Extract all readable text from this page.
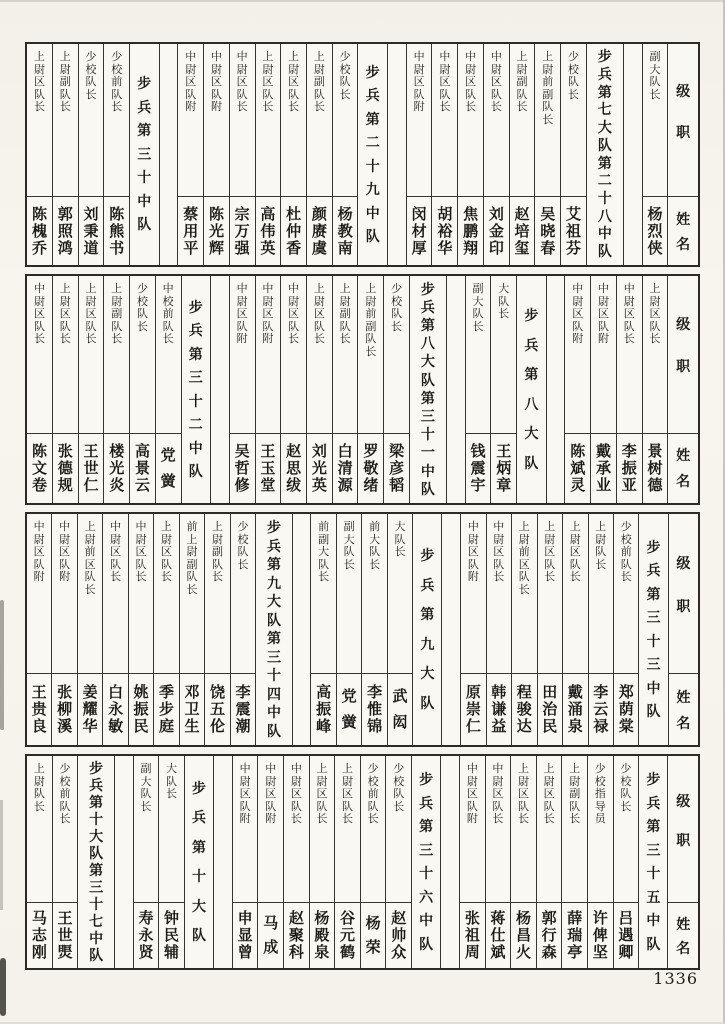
级
职
姓
名
副
大
队
长
杨
烈
侠
步
兵
第
七
大
队
第
二
十
八
中
队
少
校
队
长
艾
祖
芬
上
尉
前
副
队
长
吴
晓
春
上
尉
副
队
长
赵
培
玺
中
尉
区
队
长
刘
金
印
中
尉
区
队
长
焦
鹏
翔
中
尉
区
队
长
胡
裕
华
中
尉
区
队
附
闵
材
厚
步
兵
第
二
十
九
中
队
少
校
队
长
杨
教
南
上
尉
副
队
长
颜
赓
虞
上
尉
区
队
长
杜
仲
香
上
尉
区
队
长
高
伟
英
中
尉
区
队
长
宗
万
强
中
尉
区
队
附
陈
光
辉
中
尉
区
队
附
蔡
用
平
步
兵
第
三
十
中
队
少
校
前
队
长
陈
熊
书
少
校
队
长
刘
秉
道
上
尉
副
队
长
郭
照
鸿
上
尉
区
队
长
陈
槐
乔
级
职
姓
名
上
尉
区
队
长
景
树
德
中
尉
区
队
长
李
振
亚
中
尉
区
队
附
戴
承
业
中
尉
区
队
附
陈
斌
灵
步
兵
第
八
大
队
大
队
长
王
炳
章
副
大
队
长
钱
震
宇
步
兵
第
八
大
队
第
三
十
一
中
队
少
校
队
长
梁
彦
韬
上
尉
前
副
队
长
罗
敬
绪
上
尉
副
队
长
白
清
源
上
尉
区
队
长
刘
光
英
中
尉
区
队
长
赵
思
绂
中
尉
区
队
附
王
玉
堂
中
尉
区
队
附
吴
哲
修
步
兵
第
三
十
二
中
队
中
校
前
队
长
党
黉
少
校
队
长
高
景
云
上
尉
副
队
长
楼
光
炎
上
尉
区
队
长
王
世
仁
上
尉
区
队
长
张
德
规
中
尉
区
队
长
陈
文
卷
级
职
姓
名
步
兵
第
三
十
三
中
队
少
校
前
队
长
郑
荫
棠
上
尉
队
长
李
云
禄
上
尉
区
队
长
戴
涌
泉
上
尉
区
队
长
田
治
民
上
尉
前
区
队
长
程
骏
达
中
尉
区
队
长
韩
谦
益
中
尉
区
队
附
原
崇
仁
步
兵
第
九
大
队
大
队
长
武
闳
前
大
队
长
李
惟
锦
副
大
队
长
党
黉
前
副
大
队
长
高
振
峰
步
兵
第
九
大
队
第
三
十
四
中
队
少
校
队
长
李
震
潮
上
尉
副
队
长
饶
五
伦
前
上
尉
副
队
长
邓
卫
生
上
尉
区
队
长
季
步
庭
中
尉
区
队
长
姚
振
民
中
尉
区
队
长
白
永
敏
上
尉
前
区
队
长
姜
耀
华
中
尉
区
队
附
张
柳
溪
中
尉
区
队
附
王
贵
良
级
职
姓
名
步
兵
第
三
十
五
中
队
少
校
队
长
吕
遇
卿
少
校
指
导
员
许
俾
坚
上
尉
副
队
长
薛
瑞
亭
上
尉
区
队
长
郭
行
森
上
尉
区
队
长
杨
昌
火
中
尉
区
队
长
蒋
仕
斌
中
尉
区
队
附
张
祖
周
步
兵
第
三
十
六
中
队
少
校
队
长
赵
帅
众
少
校
前
队
长
杨
荣
上
尉
区
队
长
谷
元
鹤
上
尉
区
队
长
杨
殿
泉
中
尉
区
队
长
赵
聚
科
中
尉
区
队
附
马
成
中
尉
区
队
附
申
显
曾
步
兵
第
十
大
队
大
队
长
钟
民
辅
副
大
队
长
寿
永
贤
步
兵
第
十
大
队
第
三
十
七
中
队
少
校
前
队
长
王
世
煚
上
尉
队
长
马
志
刚
1336
